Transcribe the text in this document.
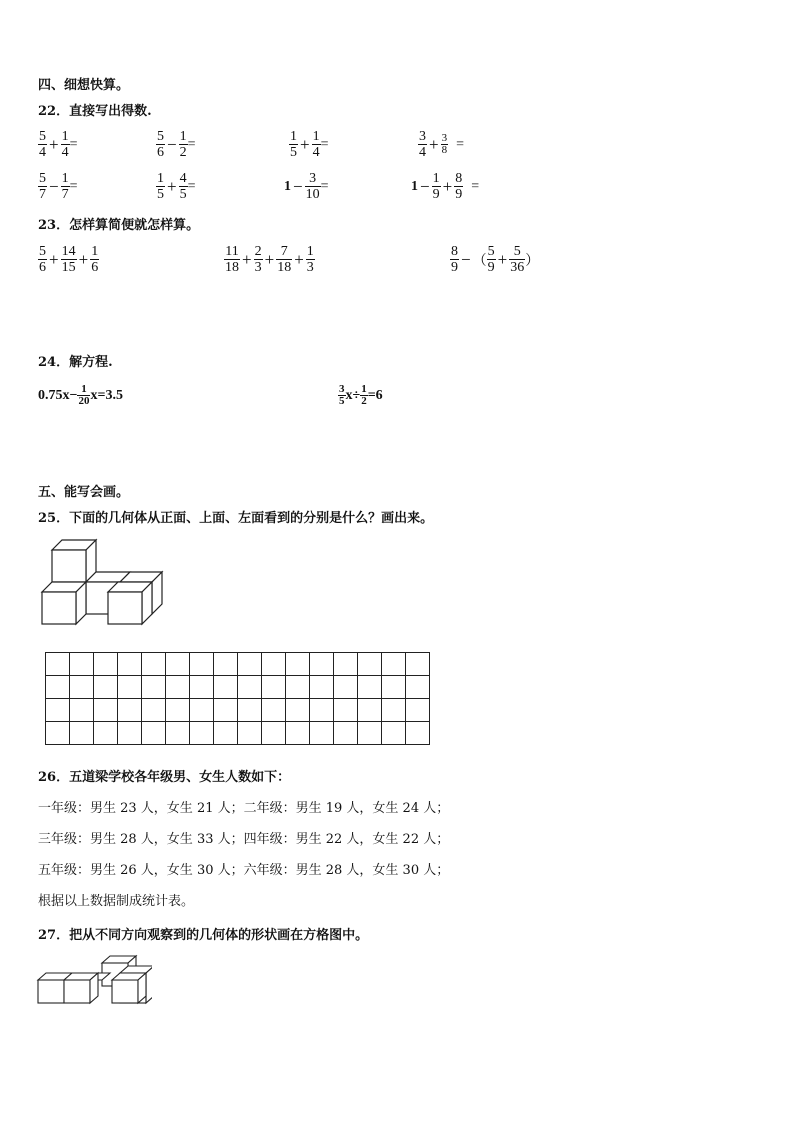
四、细想快算。
22．直接写出得数.
$\frac{5}{4} + \frac{1}{4}$ =	$\frac{5}{6} - \frac{1}{2}$ =	$\frac{1}{5} + \frac{1}{4}$ =	$\frac{3}{4} + \frac{3}{8}$ =
$\frac{5}{7} - \frac{1}{7}$ =	$\frac{1}{5} + \frac{4}{5}$ =	$1 - \frac{3}{10}$ =	$1 - \frac{1}{9} + \frac{8}{9}$ =
23．怎样算简便就怎样算。
$\frac{5}{6} + \frac{14}{15} + \frac{1}{6}$	$\frac{11}{18} + \frac{2}{3} + \frac{7}{18} + \frac{1}{3}$	$\frac{8}{9}$ − （ $\frac{5}{9} + \frac{5}{36}$ ）
24．解方程.
$0.75x- \frac{1}{20} x=3.5$	$\frac{3}{5} x\div \frac{1}{2} =6$
五、能写会画。
25．下面的几何体从正面、上面、左面看到的分别是什么？画出来。

26．五道梁学校各年级男、女生人数如下：
一年级：男生 23 人，女生 21 人；二年级：男生 19 人，女生 24 人；
三年级：男生 28 人，女生 33 人；四年级：男生 22 人，女生 22 人；
五年级：男生 26 人，女生 30 人；六年级：男生 28 人，女生 30 人；
根据以上数据制成统计表。
27．把从不同方向观察到的几何体的形状画在方格图中。
